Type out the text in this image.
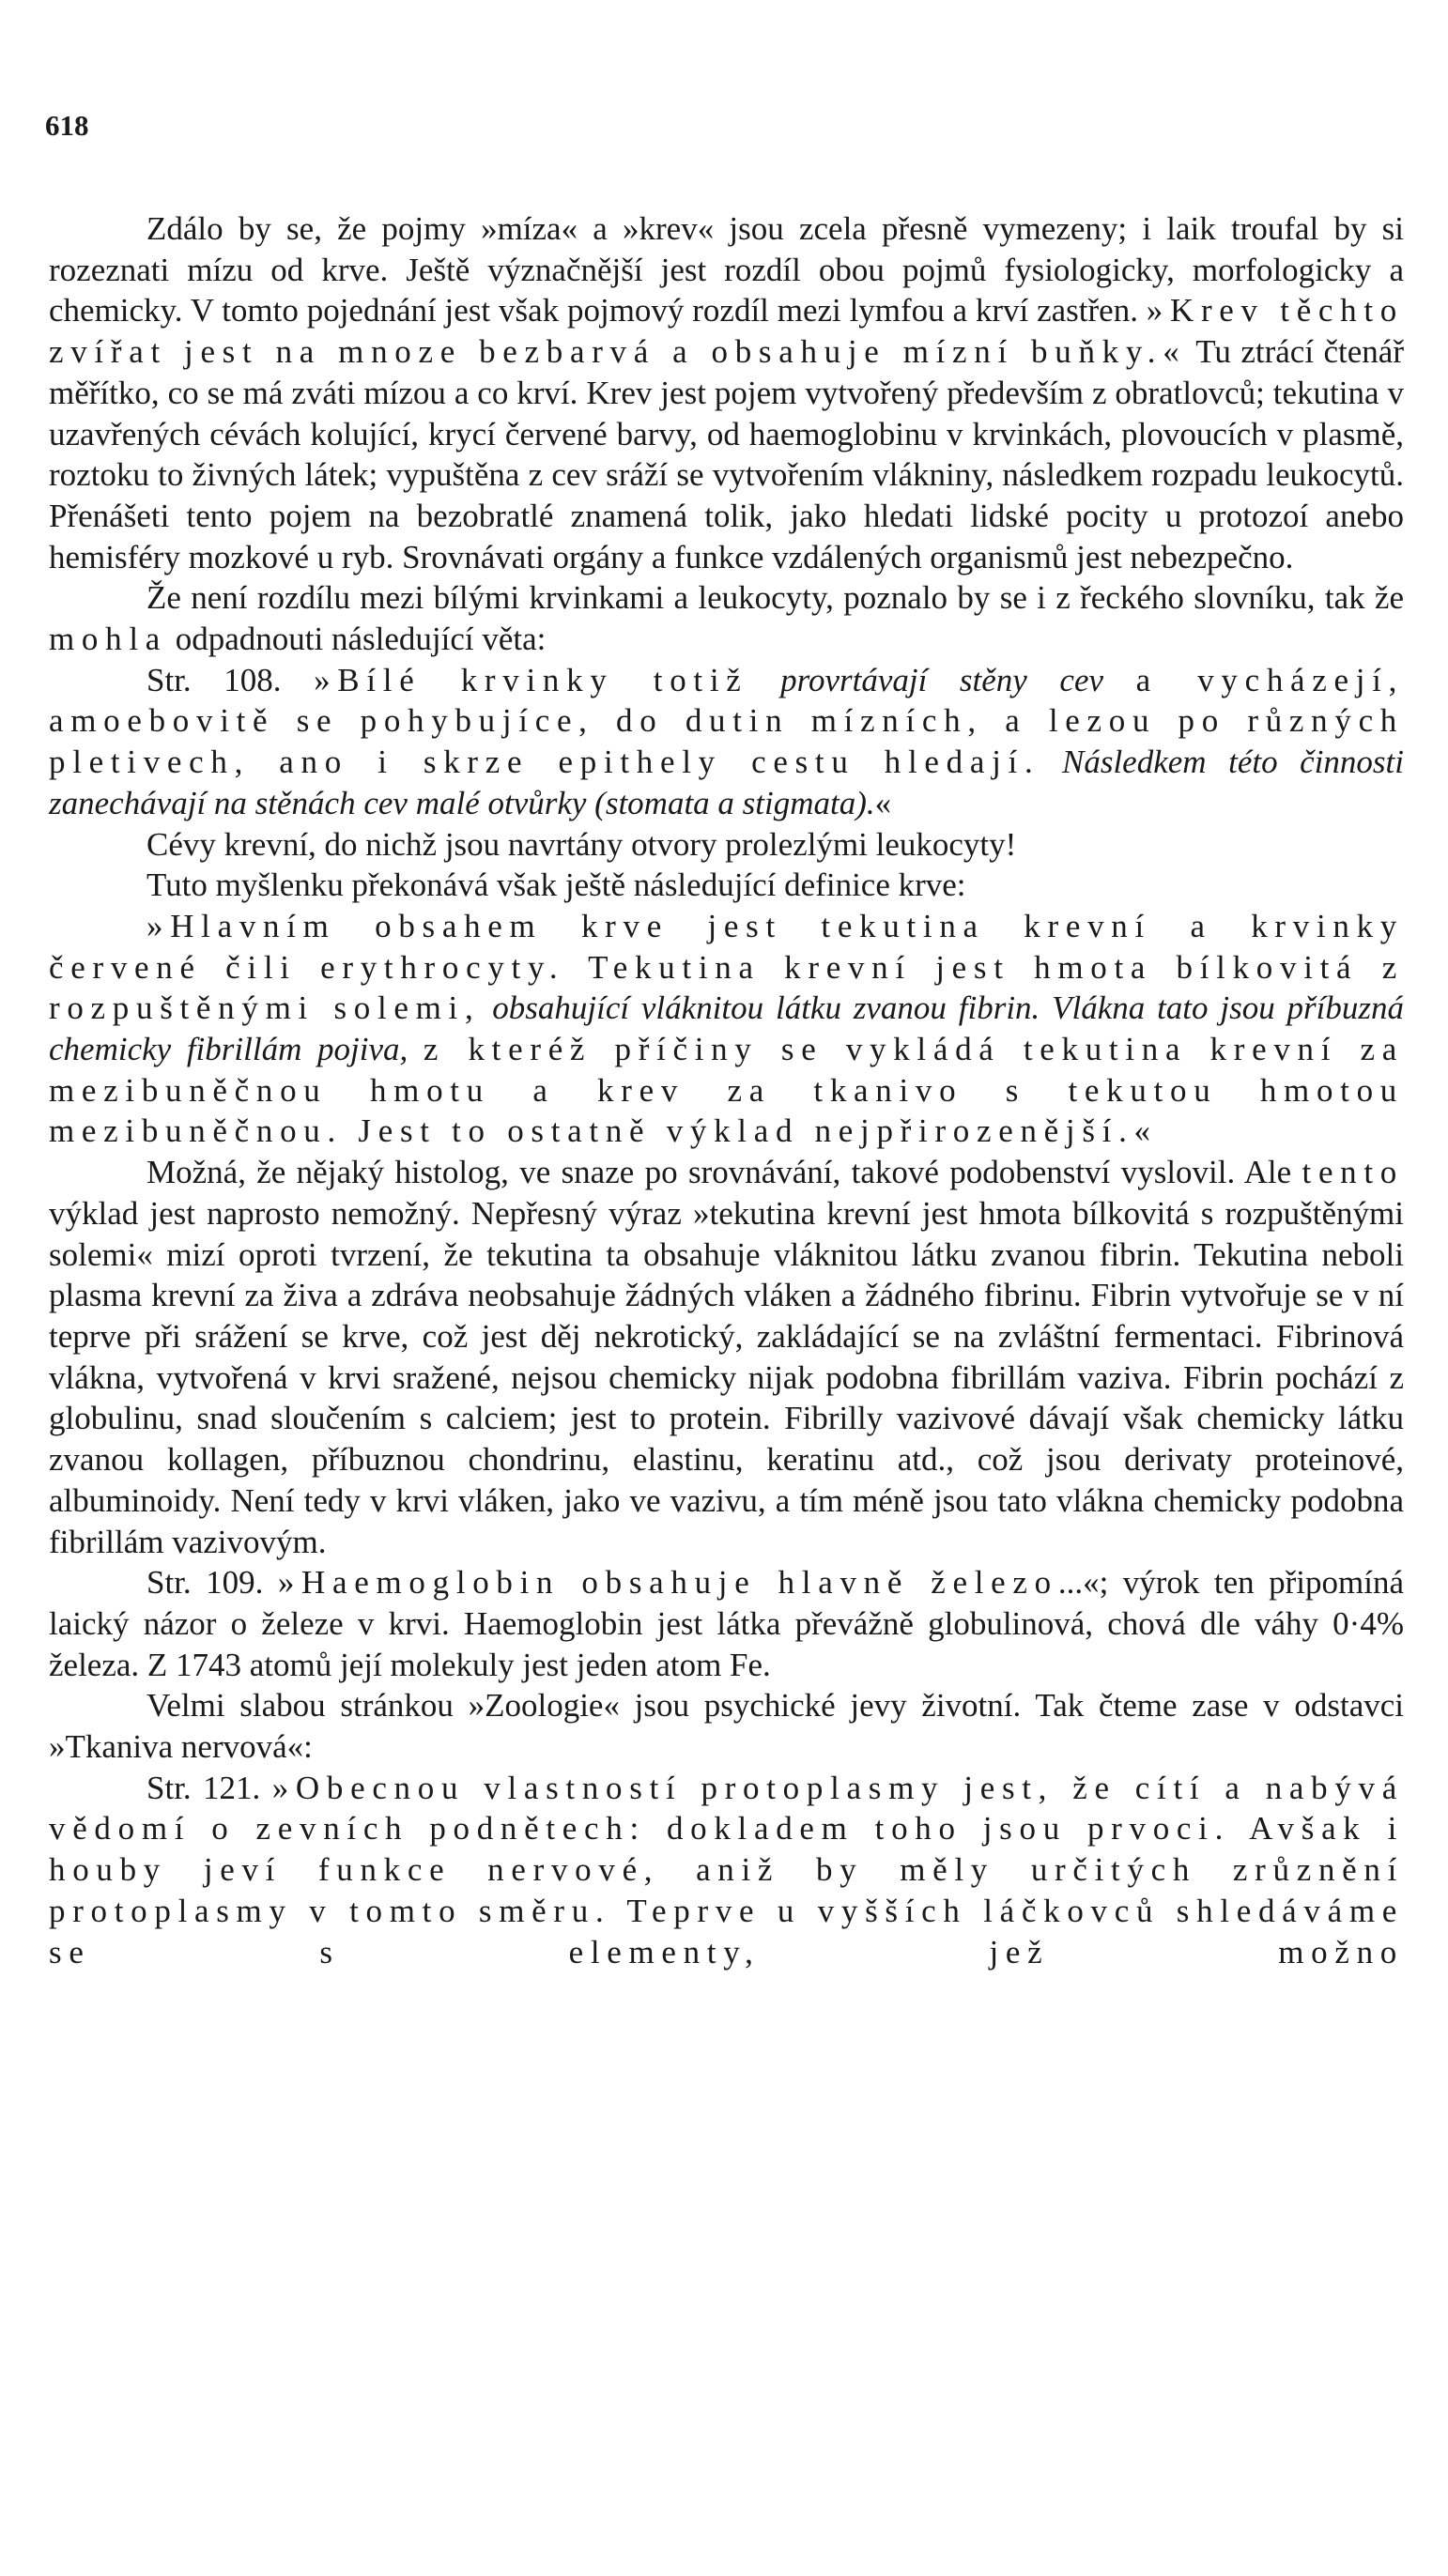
618

Zdálo by se, že pojmy »míza« a »krev« jsou zcela přesně vymezeny; i laik troufal by si rozeznati mízu od krve. Ještě význačnější jest rozdíl obou pojmů fysiologicky, morfologicky a chemicky. V tomto pojednání jest však pojmový rozdíl mezi lymfou a krví zastřen. »Krev těchto zvířat jest na mnoze bezbarvá a obsahuje mízní buňky.« Tu ztrácí čtenář měřítko, co se má zváti mízou a co krví. Krev jest pojem vytvořený především z obratlovců; tekutina v uzavřených cévách kolující, krycí červené barvy, od haemoglobinu v krvinkách, plovoucích v plasmě, roztoku to živných látek; vypuštěna z cev sráží se vytvořením vlákniny, následkem rozpadu leukocytů. Přenášeti tento pojem na bezobratlé znamená tolik, jako hledati lidské pocity u protozoí anebo hemisféry mozkové u ryb. Srovnávati orgány a funkce vzdálených organismů jest nebezpečno.

Že není rozdílu mezi bílými krvinkami a leukocyty, poznalo by se i z řeckého slovníku, tak že mohla odpadnouti následující věta:

Str. 108. »Bílé krvinky totiž provrtávají stěny cev a vycházejí, amoebovitě se pohybujíce, do dutin mízních, a lezou po různých pletivech, ano i skrze epithely cestu hledají. Následkem této činnosti zanechávají na stěnách cev malé otvůrky (stomata a stigmata).«

Cévy krevní, do nichž jsou navrtány otvory prolezlými leukocyty!

Tuto myšlenku překonává však ještě následující definice krve:

»Hlavním obsahem krve jest tekutina krevní a krvinky červené čili erythrocyty. Tekutina krevní jest hmota bílkovitá z rozpuštěnými solemi, obsahující vláknitou látku zvanou fibrin. Vlákna tato jsou příbuzná chemicky fibrillám pojiva, z kteréž příčiny se vykládá tekutina krevní za mezibuněčnou hmotu a krev za tkanivo s tekutou hmotou mezibuněčnou. Jest to ostatně výklad nejpřirozenější.«

Možná, že nějaký histolog, ve snaze po srovnávání, takové podobenství vyslovil. Ale tento výklad jest naprosto nemožný. Nepřesný výraz »tekutina krevní jest hmota bílkovitá s rozpuštěnými solemi« mizí oproti tvrzení, že tekutina ta obsahuje vláknitou látku zvanou fibrin. Tekutina neboli plasma krevní za živa a zdráva neobsahuje žádných vláken a žádného fibrinu. Fibrin vytvořuje se v ní teprve při srážení se krve, což jest děj nekrotický, zakládající se na zvláštní fermentaci. Fibrinová vlákna, vytvořená v krvi sražené, nejsou chemicky nijak podobna fibrillám vaziva. Fibrin pochází z globulinu, snad sloučením s calciem; jest to protein. Fibrilly vazivové dávají však chemicky látku zvanou kollagen, příbuznou chondrinu, elastinu, keratinu atd., což jsou derivaty proteinové, albuminoidy. Není tedy v krvi vláken, jako ve vazivu, a tím méně jsou tato vlákna chemicky podobna fibrillám vazivovým.

Str. 109. »Haemoglobin obsahuje hlavně železo...«; výrok ten připomíná laický názor o železe v krvi. Haemoglobin jest látka převážně globulinová, chová dle váhy 0·4% železa. Z 1743 atomů její molekuly jest jeden atom Fe.

Velmi slabou stránkou »Zoologie« jsou psychické jevy životní. Tak čteme zase v odstavci »Tkaniva nervová«:

Str. 121. »Obecnou vlastností protoplasmy jest, že cítí a nabývá vědomí o zevních podnětech: dokladem toho jsou prvoci. Avšak i houby jeví funkce nervové, aniž by měly určitých zrůznění protoplasmy v tomto směru. Teprve u vyšších láčkovců shledáváme se s elementy, jež možno
